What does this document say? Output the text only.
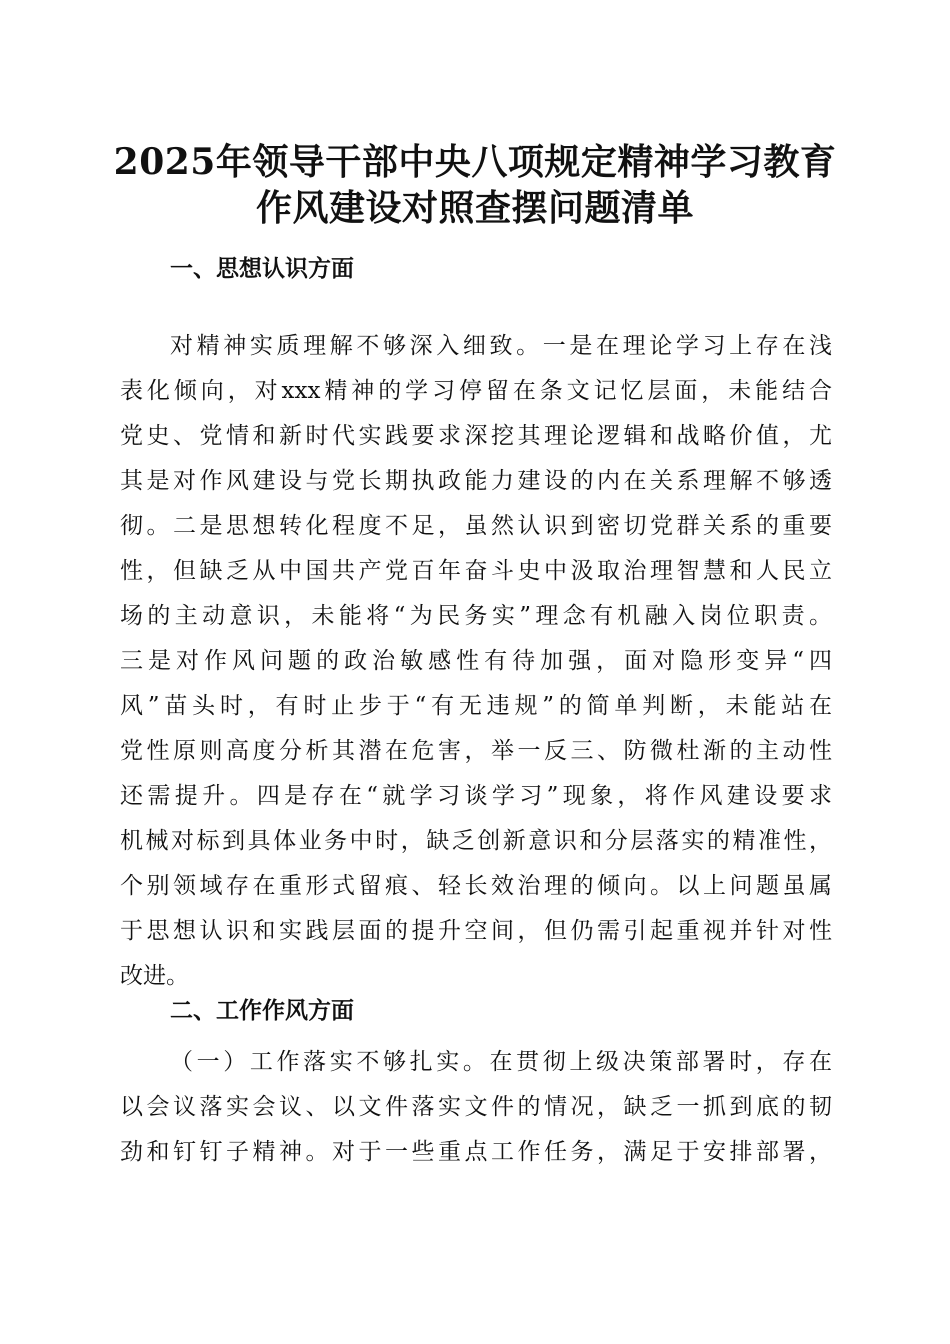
2025年领导干部中央八项规定精神学习教育
作风建设对照查摆问题清单
一、思想认识方面
对精神实质理解不够深入细致。一是在理论学习上存在浅
表化倾向，对xxx精神的学习停留在条文记忆层面，未能结合
党史、党情和新时代实践要求深挖其理论逻辑和战略价值，尤
其是对作风建设与党长期执政能力建设的内在关系理解不够透
彻。二是思想转化程度不足，虽然认识到密切党群关系的重要
性，但缺乏从中国共产党百年奋斗史中汲取治理智慧和人民立
场的主动意识，未能将“为民务实”理念有机融入岗位职责。
三是对作风问题的政治敏感性有待加强，面对隐形变异“四
风”苗头时，有时止步于“有无违规”的简单判断，未能站在
党性原则高度分析其潜在危害，举一反三、防微杜渐的主动性
还需提升。四是存在“就学习谈学习”现象，将作风建设要求
机械对标到具体业务中时，缺乏创新意识和分层落实的精准性，
个别领域存在重形式留痕、轻长效治理的倾向。以上问题虽属
于思想认识和实践层面的提升空间，但仍需引起重视并针对性
改进。
二、工作作风方面
（一）工作落实不够扎实。在贯彻上级决策部署时，存在
以会议落实会议、以文件落实文件的情况，缺乏一抓到底的韧
劲和钉钉子精神。对于一些重点工作任务，满足于安排部署，
